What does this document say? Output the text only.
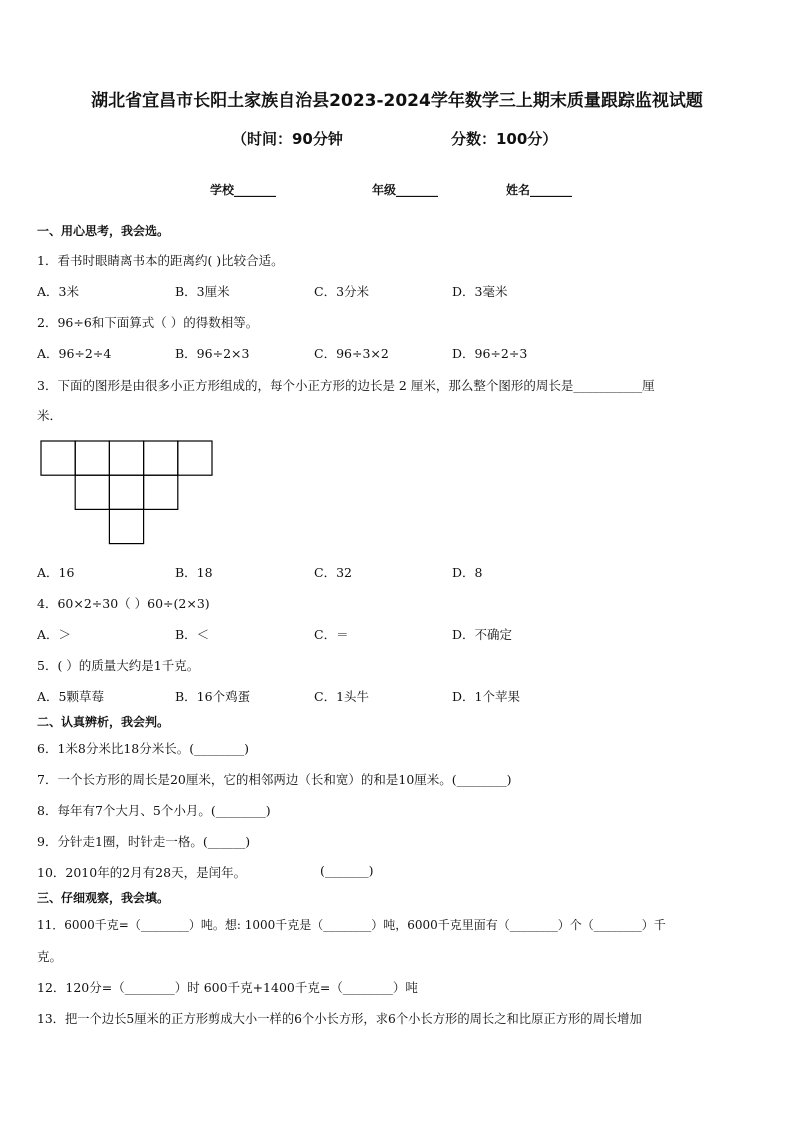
湖北省宜昌市长阳土家族自治县2023-2024学年数学三上期末质量跟踪监视试题
（时间：90分钟	分数：100分）
学校_______	年级_______	姓名_______
一、用心思考，我会选。
1．看书时眼睛离书本的距离约( )比较合适。
A．3米	B．3厘米	C．3分米	D．3毫米
2．96÷6和下面算式（ ）的得数相等。
A．96÷2÷4	B．96÷2×3	C．96÷3×2	D．96÷2÷3
3．下面的图形是由很多小正方形组成的，每个小正方形的边长是 2 厘米，那么整个图形的周长是___________厘
米．
A．16	B．18	C．32	D．8
4．60×2÷30（ ）60÷(2×3)
A．＞	B．＜	C．＝	D．不确定
5．( ）的质量大约是1千克。
A．5颗草莓	B．16个鸡蛋	C．1头牛	D．1个苹果
二、认真辨析，我会判。
6．1米8分米比18分米长。(________)
7．一个长方形的周长是20厘米，它的相邻两边（长和宽）的和是10厘米。(________)
8．每年有7个大月、5个小月。(________)
9．分针走1圈，时针走一格。(______)
10．2010年的2月有28天，是闰年。	(_______)
三、仔细观察，我会填。
11．6000千克=（________）吨。想: 1000千克是（________）吨，6000千克里面有（________）个（________）千
克。
12．120分=（________）时 600千克+1400千克=（________）吨
13．把一个边长5厘米的正方形剪成大小一样的6个小长方形，求6个小长方形的周长之和比原正方形的周长增加
